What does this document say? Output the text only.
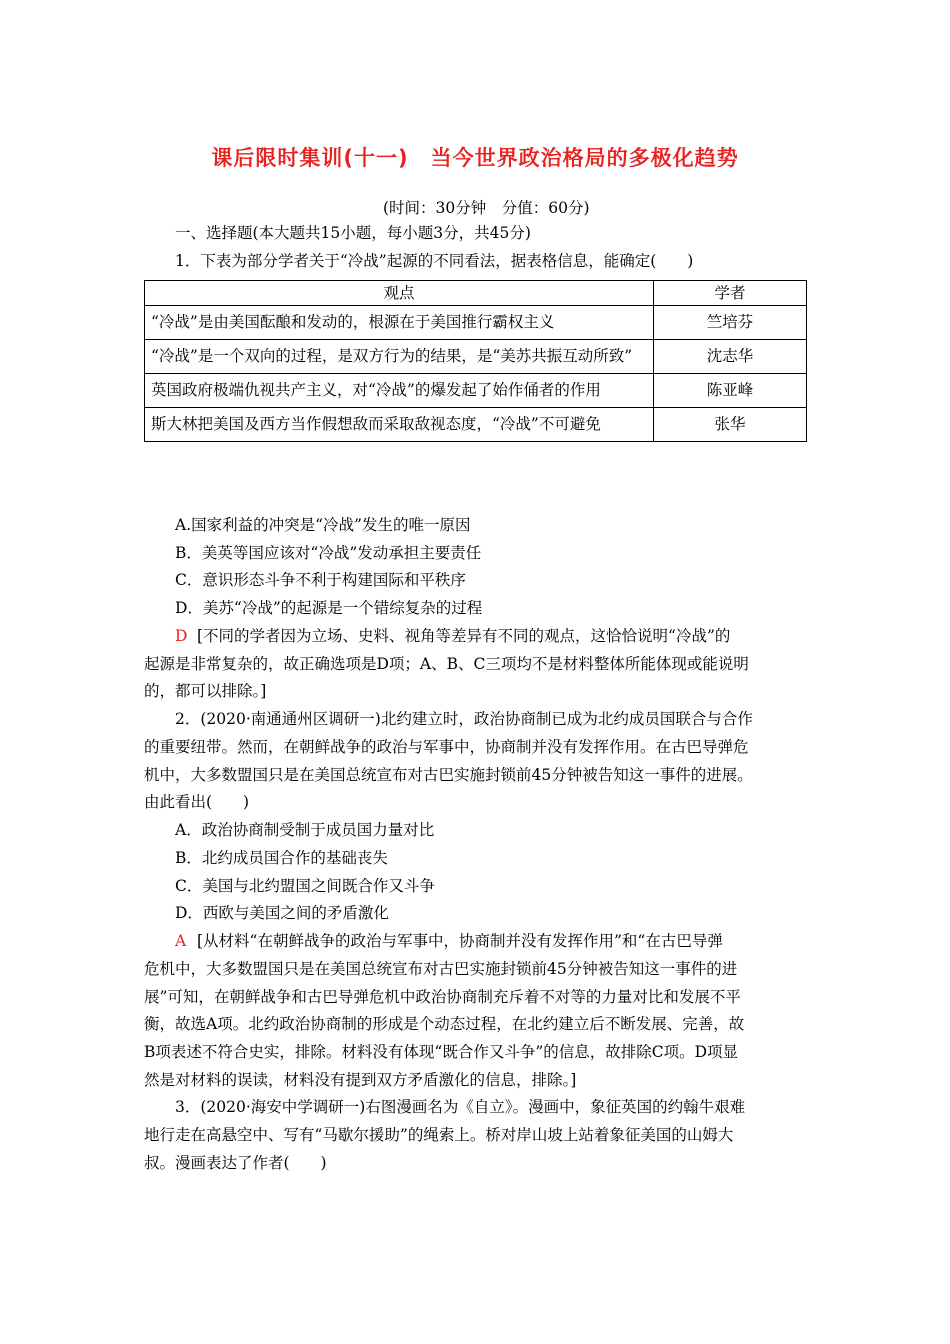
课后限时集训(十一)　当今世界政治格局的多极化趋势
(时间：30分钟　分值：60分)
一、选择题(本大题共15小题，每小题3分，共45分)
1．下表为部分学者关于“冷战”起源的不同看法，据表格信息，能确定(　　)
观点	学者
“冷战”是由美国酝酿和发动的，根源在于美国推行霸权主义	竺培芬
“冷战”是一个双向的过程，是双方行为的结果，是“美苏共振互动所致”	沈志华
英国政府极端仇视共产主义，对“冷战”的爆发起了始作俑者的作用	陈亚峰
斯大林把美国及西方当作假想敌而采取敌视态度，“冷战”不可避免	张华
A.国家利益的冲突是“冷战”发生的唯一原因
B．美英等国应该对“冷战”发动承担主要责任
C．意识形态斗争不利于构建国际和平秩序
D．美苏“冷战”的起源是一个错综复杂的过程
D [不同的学者因为立场、史料、视角等差异有不同的观点，这恰恰说明“冷战”的
起源是非常复杂的，故正确选项是D项；A、B、C三项均不是材料整体所能体现或能说明
的，都可以排除。]
2．(2020·南通通州区调研一)北约建立时，政治协商制已成为北约成员国联合与合作
的重要纽带。然而，在朝鲜战争的政治与军事中，协商制并没有发挥作用。在古巴导弹危
机中，大多数盟国只是在美国总统宣布对古巴实施封锁前45分钟被告知这一事件的进展。
由此看出(　　)
A．政治协商制受制于成员国力量对比
B．北约成员国合作的基础丧失
C．美国与北约盟国之间既合作又斗争
D．西欧与美国之间的矛盾激化
A [从材料“在朝鲜战争的政治与军事中，协商制并没有发挥作用”和“在古巴导弹
危机中，大多数盟国只是在美国总统宣布对古巴实施封锁前45分钟被告知这一事件的进
展”可知，在朝鲜战争和古巴导弹危机中政治协商制充斥着不对等的力量对比和发展不平
衡，故选A项。北约政治协商制的形成是个动态过程，在北约建立后不断发展、完善，故
B项表述不符合史实，排除。材料没有体现“既合作又斗争”的信息，故排除C项。D项显
然是对材料的误读，材料没有提到双方矛盾激化的信息，排除。]
3．(2020·海安中学调研一)右图漫画名为《自立》。漫画中，象征英国的约翰牛艰难
地行走在高悬空中、写有“马歇尔援助”的绳索上。桥对岸山坡上站着象征美国的山姆大
叔。漫画表达了作者(　　)
